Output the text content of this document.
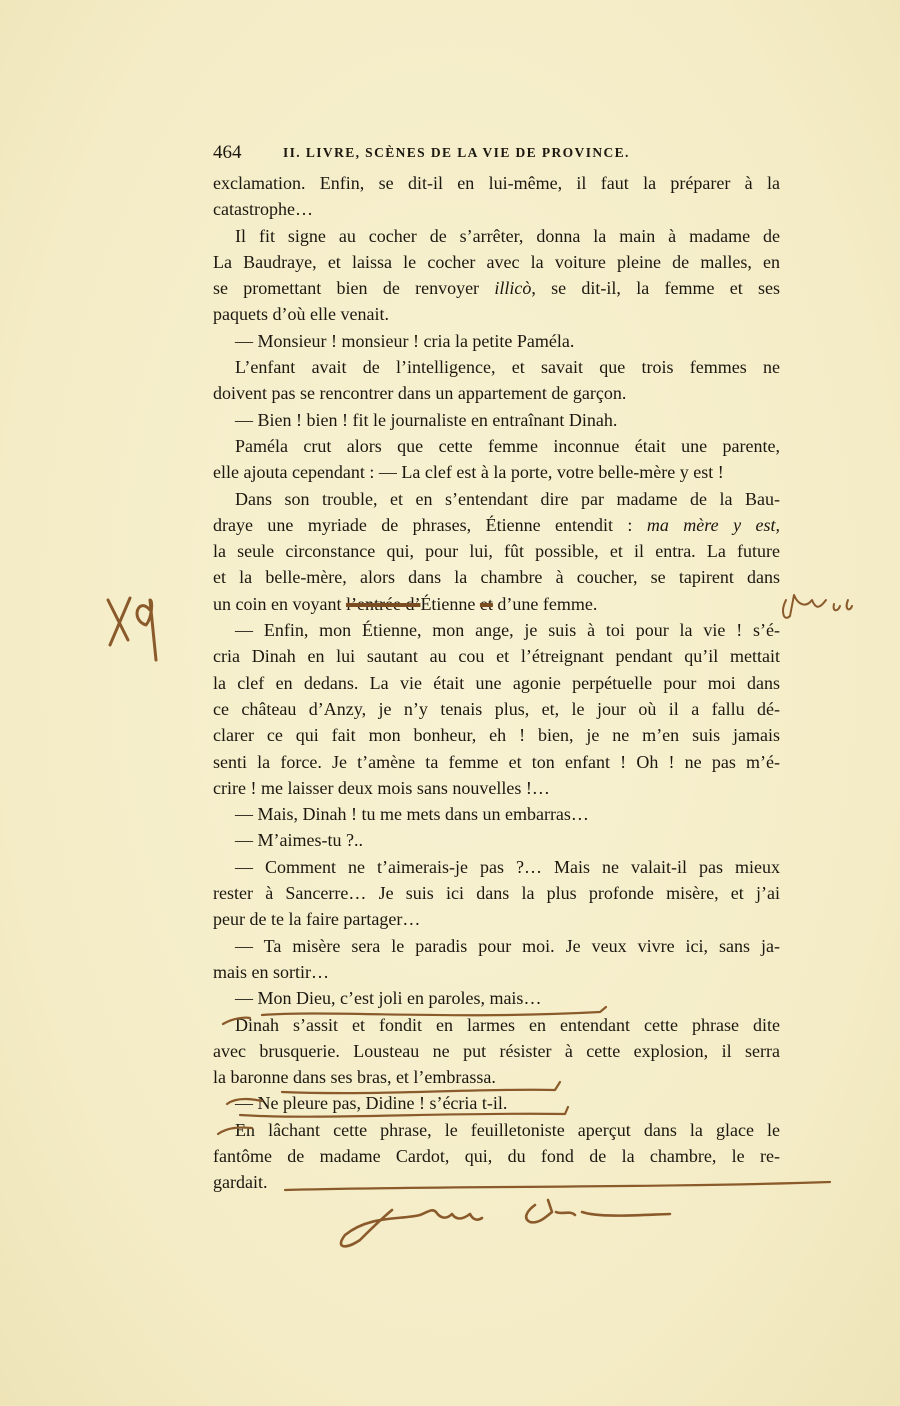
464	II. LIVRE, SCÈNES DE LA VIE DE PROVINCE.
exclamation. Enfin, se dit-il en lui-même, il faut la préparer à la
catastrophe…
Il fit signe au cocher de s’arrêter, donna la main à madame de
La Baudraye, et laissa le cocher avec la voiture pleine de malles, en
se promettant bien de renvoyer illicò, se dit-il, la femme et ses
paquets d’où elle venait.
— Monsieur ! monsieur ! cria la petite Paméla.
L’enfant avait de l’intelligence, et savait que trois femmes ne
doivent pas se rencontrer dans un appartement de garçon.
— Bien ! bien ! fit le journaliste en entraînant Dinah.
Paméla crut alors que cette femme inconnue était une parente,
elle ajouta cependant : — La clef est à la porte, votre belle-mère y est !
Dans son trouble, et en s’entendant dire par madame de la Bau-
draye une myriade de phrases, Étienne entendit : ma mère y est,
la seule circonstance qui, pour lui, fût possible, et il entra. La future
et la belle-mère, alors dans la chambre à coucher, se tapirent dans
un coin en voyant l’entrée d’Étienne et d’une femme.
— Enfin, mon Étienne, mon ange, je suis à toi pour la vie ! s’é-
cria Dinah en lui sautant au cou et l’étreignant pendant qu’il mettait
la clef en dedans. La vie était une agonie perpétuelle pour moi dans
ce château d’Anzy, je n’y tenais plus, et, le jour où il a fallu dé-
clarer ce qui fait mon bonheur, eh ! bien, je ne m’en suis jamais
senti la force. Je t’amène ta femme et ton enfant ! Oh ! ne pas m’é-
crire ! me laisser deux mois sans nouvelles !…
— Mais, Dinah ! tu me mets dans un embarras…
— M’aimes-tu ?..
— Comment ne t’aimerais-je pas ?… Mais ne valait-il pas mieux
rester à Sancerre… Je suis ici dans la plus profonde misère, et j’ai
peur de te la faire partager…
— Ta misère sera le paradis pour moi. Je veux vivre ici, sans ja-
mais en sortir…
— Mon Dieu, c’est joli en paroles, mais…
Dinah s’assit et fondit en larmes en entendant cette phrase dite
avec brusquerie. Lousteau ne put résister à cette explosion, il serra
la baronne dans ses bras, et l’embrassa.
— Ne pleure pas, Didine ! s’écria t-il.
En lâchant cette phrase, le feuilletoniste aperçut dans la glace le
fantôme de madame Cardot, qui, du fond de la chambre, le re-
gardait.
